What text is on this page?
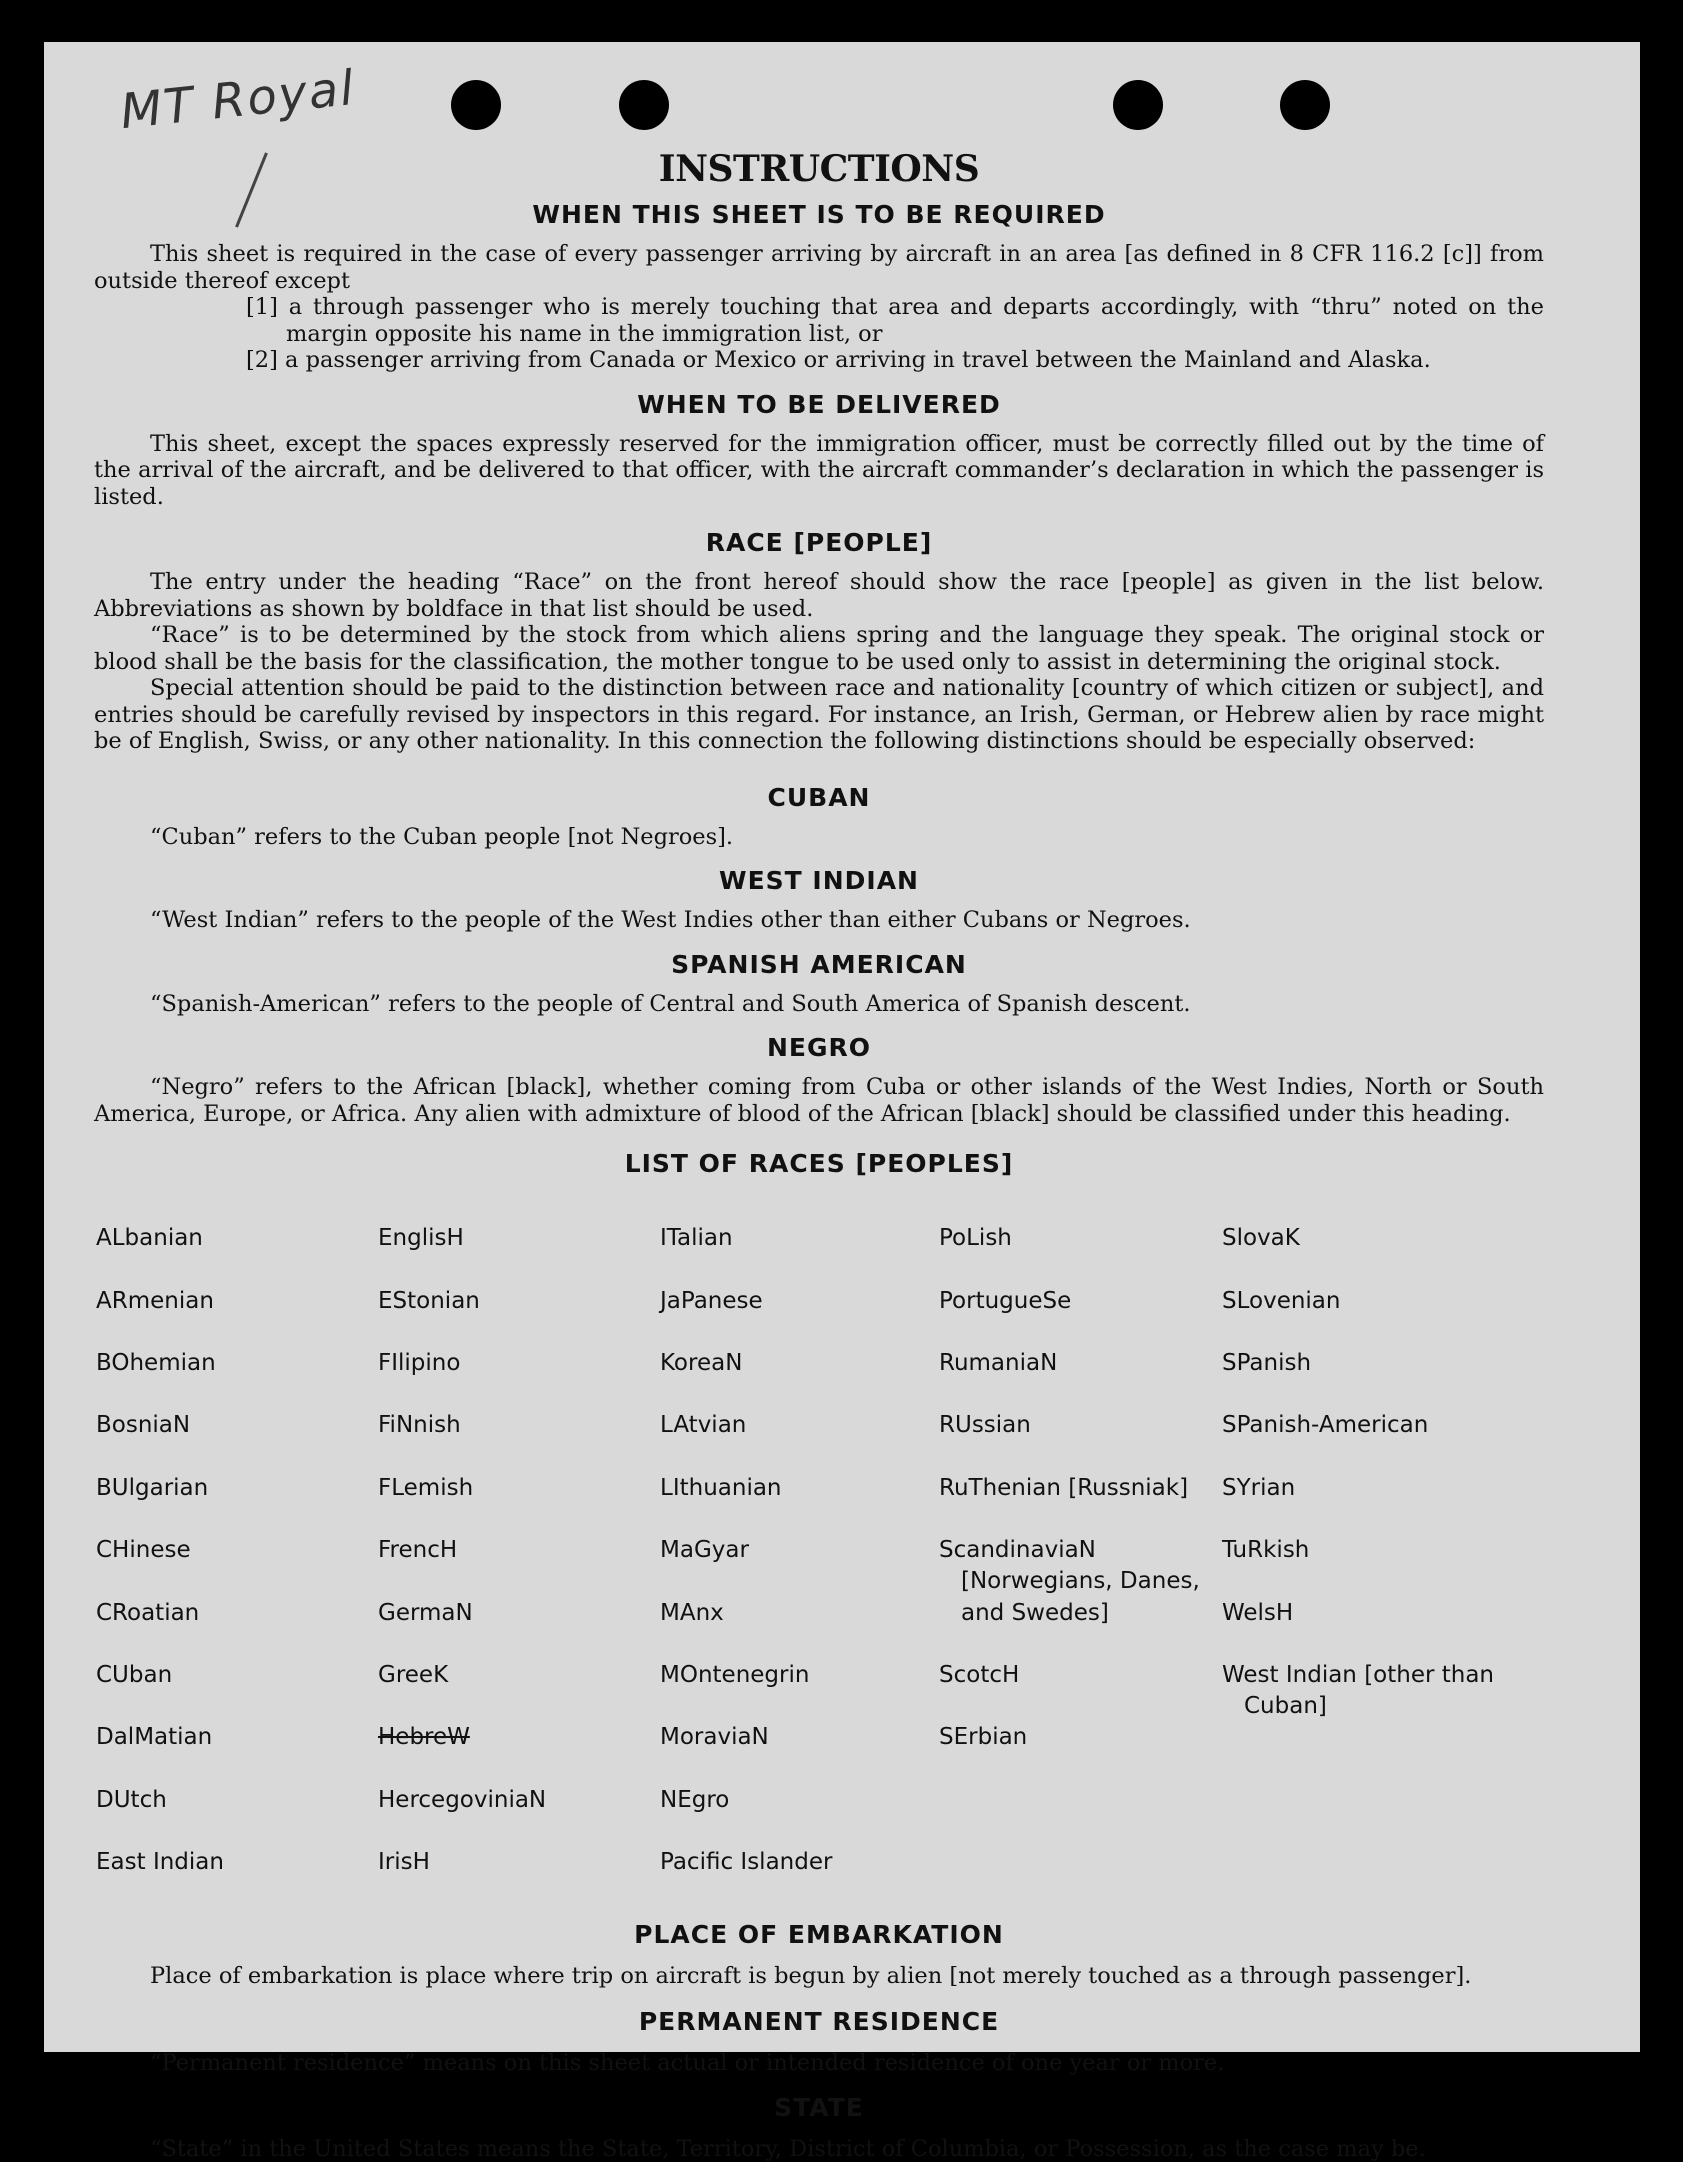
MT Royal
INSTRUCTIONS
WHEN THIS SHEET IS TO BE REQUIRED

This sheet is required in the case of every passenger arriving by aircraft in an area [as defined in 8 CFR 116.2 [c]] from outside thereof except

[1] a through passenger who is merely touching that area and departs accordingly, with “thru” noted on the margin opposite his name in the immigration list, or

[2] a passenger arriving from Canada or Mexico or arriving in travel between the Mainland and Alaska.

WHEN TO BE DELIVERED

This sheet, except the spaces expressly reserved for the immigration officer, must be correctly filled out by the time of the arrival of the aircraft, and be delivered to that officer, with the aircraft commander’s declaration in which the passenger is listed.

RACE [PEOPLE]

The entry under the heading “Race” on the front hereof should show the race [people] as given in the list below. Abbreviations as shown by boldface in that list should be used.

“Race” is to be determined by the stock from which aliens spring and the language they speak. The original stock or blood shall be the basis for the classification, the mother tongue to be used only to assist in determining the original stock.

Special attention should be paid to the distinction between race and nationality [country of which citizen or subject], and entries should be carefully revised by inspectors in this regard. For instance, an Irish, German, or Hebrew alien by race might be of English, Swiss, or any other nationality. In this connection the following distinctions should be especially observed:

CUBAN

“Cuban” refers to the Cuban people [not Negroes].

WEST INDIAN

“West Indian” refers to the people of the West Indies other than either Cubans or Negroes.

SPANISH AMERICAN

“Spanish-American” refers to the people of Central and South America of Spanish descent.

NEGRO

“Negro” refers to the African [black], whether coming from Cuba or other islands of the West Indies, North or South America, Europe, or Africa. Any alien with admixture of blood of the African [black] should be classified under this heading.

LIST OF RACES [PEOPLES]

ALbanian

ARmenian

BOhemian

BosniaN

BUlgarian

CHinese

CRoatian

CUban

DalMatian

DUtch

East Indian

EnglisH

EStonian

FIlipino

FiNnish

FLemish

FrencH

GermaN

GreeK

HebreW

HercegoviniaN

IrisH

ITalian

JaPanese

KoreaN

LAtvian

LIthuanian

MaGyar

MAnx

MOntenegrin

MoraviaN

NEgro

Pacific Islander

PoLish

PortugueSe

RumaniaN

RUssian

RuThenian [Russniak]

ScandinaviaN [Norwegians, Danes, and Swedes]

ScotcH

SErbian

SlovaK

SLovenian

SPanish

SPanish-American

SYrian

TuRkish

WelsH

West Indian [other than Cuban]

PLACE OF EMBARKATION

Place of embarkation is place where trip on aircraft is begun by alien [not merely touched as a through passenger].

PERMANENT RESIDENCE

“Permanent residence” means on this sheet actual or intended residence of one year or more.

STATE

“State” in the United States means the State, Territory, District of Columbia, or Possession, as the case may be.
